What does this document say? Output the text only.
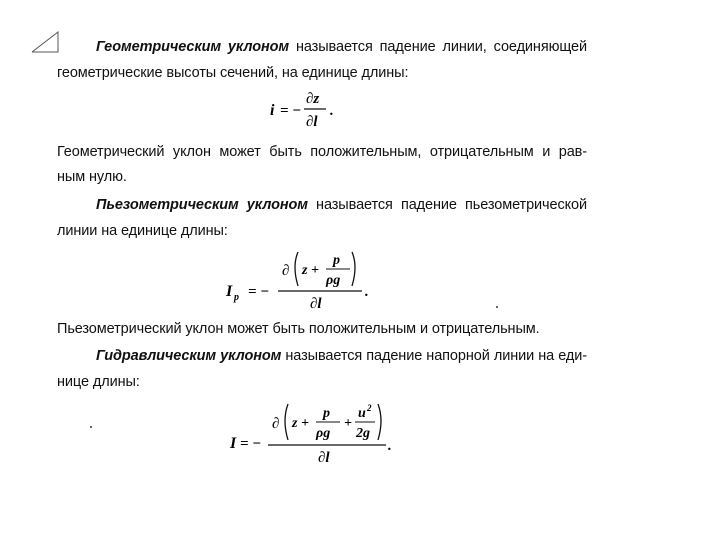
Геометрическим уклоном называется падение линии, соединяющей
геометрические высоты сечений, на единице длины:
i = −
∂z
∂l
.
Геометрический уклон может быть положительным, отрицательным и рав-
ным нулю.
Пьезометрическим уклоном называется падение пьезометрической
линии на единице длины:
I p = −
∂ z +
p
ρg
∂l
.
Пьезометрический уклон может быть положительным и отрицательным.
Гидравлическим уклоном называется падение напорной линии на еди-
нице длины:
I = −
∂ z +
p
ρg
+
u 2
2g
∂l
.
